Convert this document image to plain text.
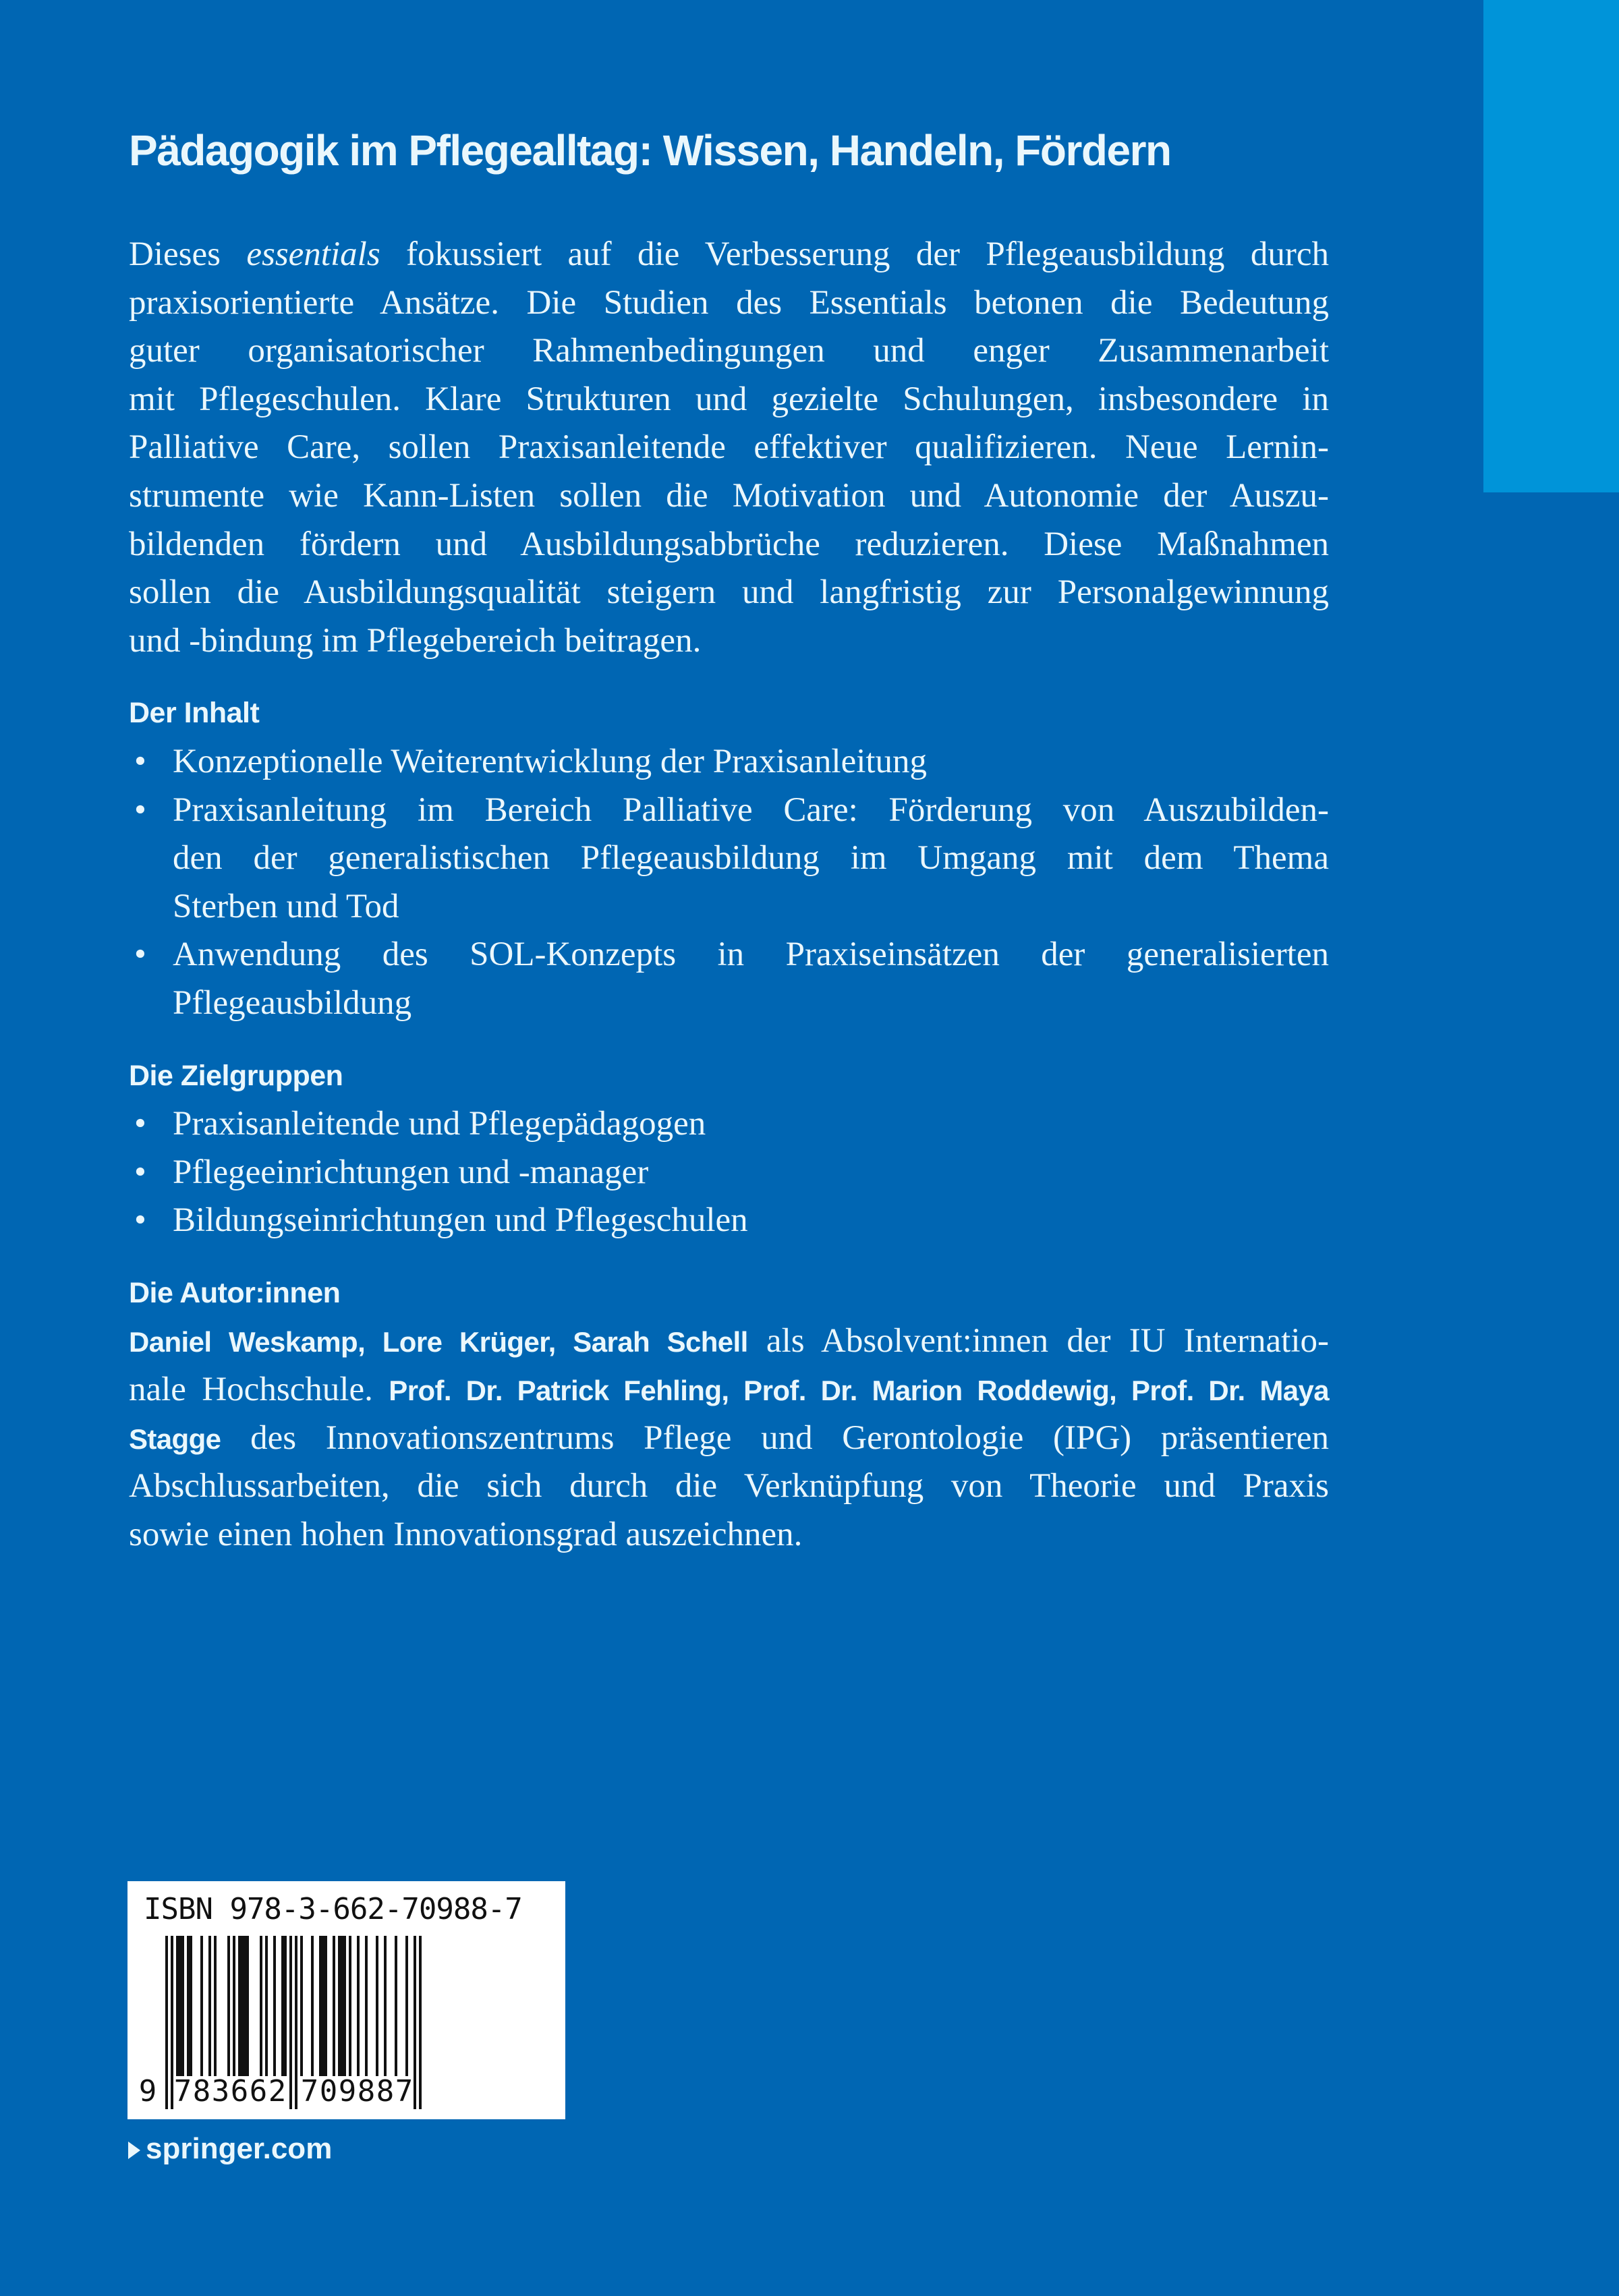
Pädagogik im Pflegealltag: Wissen, Handeln, Fördern
Dieses essentials fokussiert auf die Verbesserung der Pflegeausbildung durch
praxisorientierte Ansätze. Die Studien des Essentials betonen die Bedeutung
guter organisatorischer Rahmenbedingungen und enger Zusammenarbeit
mit Pflegeschulen. Klare Strukturen und gezielte Schulungen, insbesondere in
Palliative Care, sollen Praxisanleitende effektiver qualifizieren. Neue Lernin-
strumente wie Kann-Listen sollen die Motivation und Autonomie der Auszu-
bildenden fördern und Ausbildungsabbrüche reduzieren. Diese Maßnahmen
sollen die Ausbildungsqualität steigern und langfristig zur Personalgewinnung
und -bindung im Pflegebereich beitragen.
Der Inhalt
• Konzeptionelle Weiterentwicklung der Praxisanleitung
• Praxisanleitung im Bereich Palliative Care: Förderung von Auszubilden-
den der generalistischen Pflegeausbildung im Umgang mit dem Thema
Sterben und Tod
• Anwendung des SOL-Konzepts in Praxiseinsätzen der generalisierten
Pflegeausbildung
Die Zielgruppen
• Praxisanleitende und Pflegepädagogen
• Pflegeeinrichtungen und -manager
• Bildungseinrichtungen und Pflegeschulen
Die Autor:innen
Daniel Weskamp, Lore Krüger, Sarah Schell als Absolvent:innen der IU Internatio-
nale Hochschule. Prof. Dr. Patrick Fehling, Prof. Dr. Marion Roddewig, Prof. Dr. Maya
Stagge des Innovationszentrums Pflege und Gerontologie (IPG) präsentieren
Abschlussarbeiten, die sich durch die Verknüpfung von Theorie und Praxis
sowie einen hohen Innovationsgrad auszeichnen.
ISBN 978-3-662-70988-7
9 7 8 3 6 6 2 7 0 9 8 8 7
springer.com
